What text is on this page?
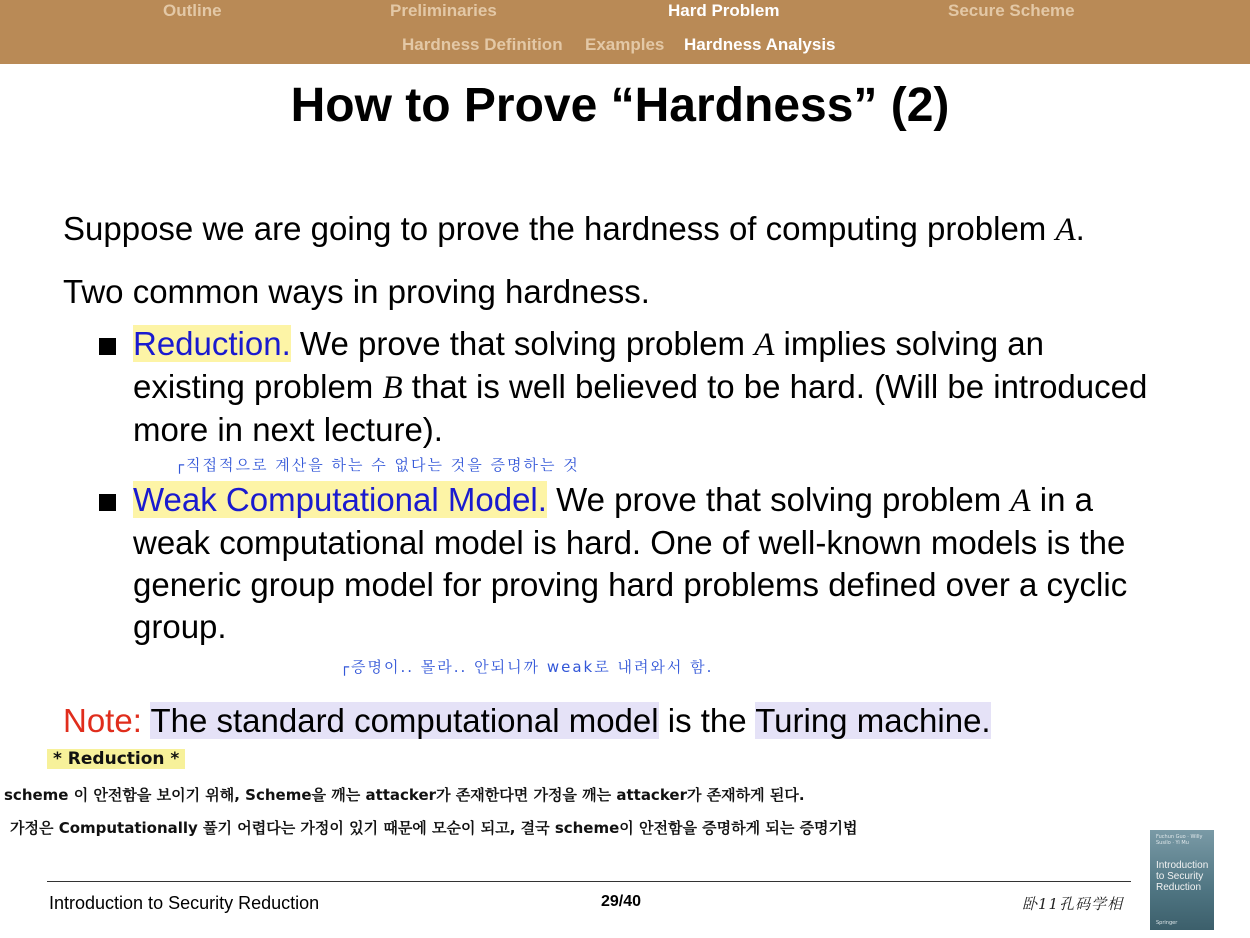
Outline	Preliminaries	Hard Problem	Secure Scheme
Hardness Definition Examples Hardness Analysis
How to Prove “Hardness” (2)
Suppose we are going to prove the hardness of computing problem A.
Two common ways in proving hardness.
Reduction. We prove that solving problem A implies solving an existing problem B that is well believed to be hard. (Will be introduced more in next lecture).
┌직접적으로 계산을 하는 수 없다는 것을 증명하는 것
Weak Computational Model. We prove that solving problem A in a weak computational model is hard. One of well-known models is the generic group model for proving hard problems defined over a cyclic group.
┌증명이.. 몰라.. 안되니까 weak로 내려와서 함.
Note: The standard computational model is the Turing machine.
* Reduction *
scheme 이 안전함을 보이기 위해, Scheme을 깨는 attacker가 존재한다면 가정을 깨는 attacker가 존재하게 된다.
가정은 Computationally 풀기 어렵다는 가정이 있기 때문에 모순이 되고, 결국 scheme이 안전함을 증명하게 되는 증명기법
Introduction to Security Reduction	29/40	卧11孔码学相
Fuchun Guo · Willy Susilo · Yi Mu
Introduction to Security Reduction
Springer
